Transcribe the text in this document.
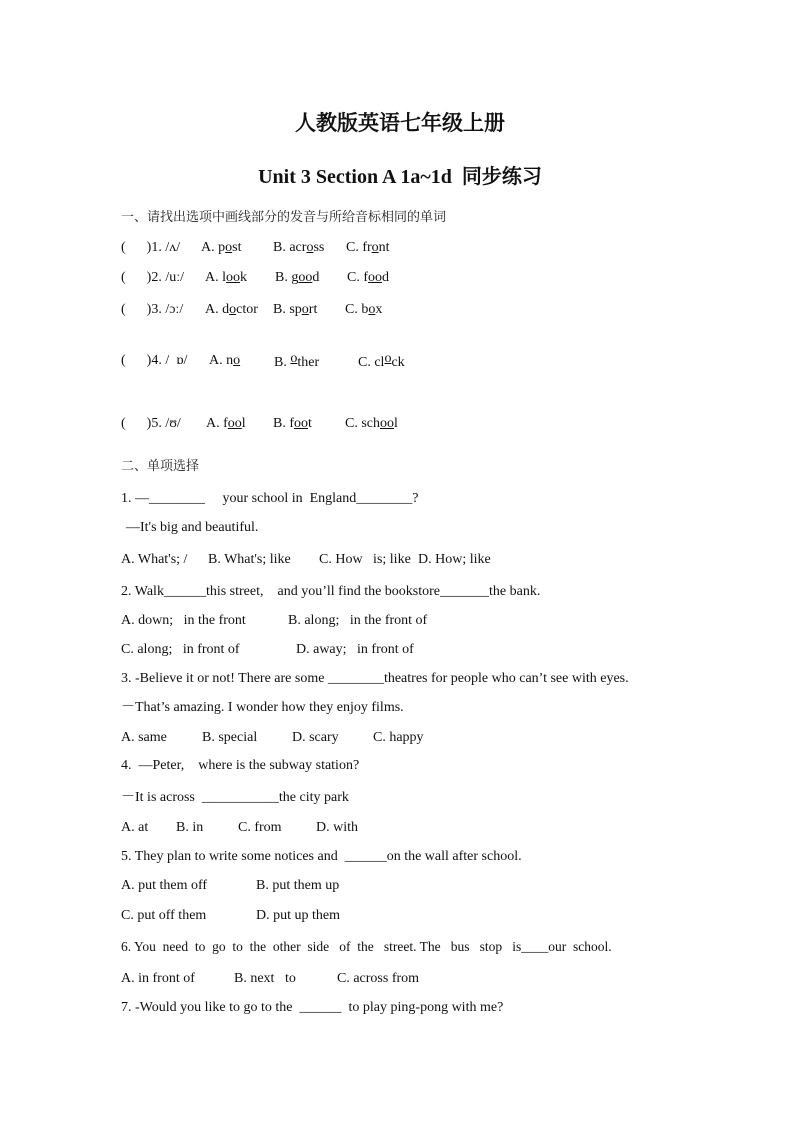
人教版英语七年级上册
Unit 3 Section A 1a~1d  同步练习
一、请找出选项中画线部分的发音与所给音标相同的单词
(      )1. /ʌ/ A. post B. across C. front
(      )2. /uː/ A. look B. good C. food
(      )3. /ɔː/ A. doctor B. sport C. box
(      )4. /  ɒ/ A. no B. other	C. clock
(      )5. /ʊ/ A. fool B. foot C. school
二、单项选择
1. —________ your school in  England________?
—It's big and beautiful.
A. What's; / B. What's; like C. How   is; like D. How; like
2. Walk______this street,    and you’ll find the bookstore_______the bank.
A. down;   in the front	B. along;   in the front of
C. along;   in front of	D. away;   in front of
3. -Believe it or not! There are some ________theatres for people who can’t see with eyes.
－That’s amazing. I wonder how they enjoy films.
A. same	B. special D. scary C. happy
4.  —Peter,    where is the subway station?
－It is across  ___________the city park
A. at B. in C. from D. with
5. They plan to write some notices and  ______on the wall after school.
A. put them off	B. put them up
C. put off them	D. put up them
6. You  need  to  go  to  the  other  side   of  the   street. The   bus   stop   is____our  school.
A. in front of	B. next   to	C. across from
7. -Would you like to go to the  ______  to play ping-pong with me?
